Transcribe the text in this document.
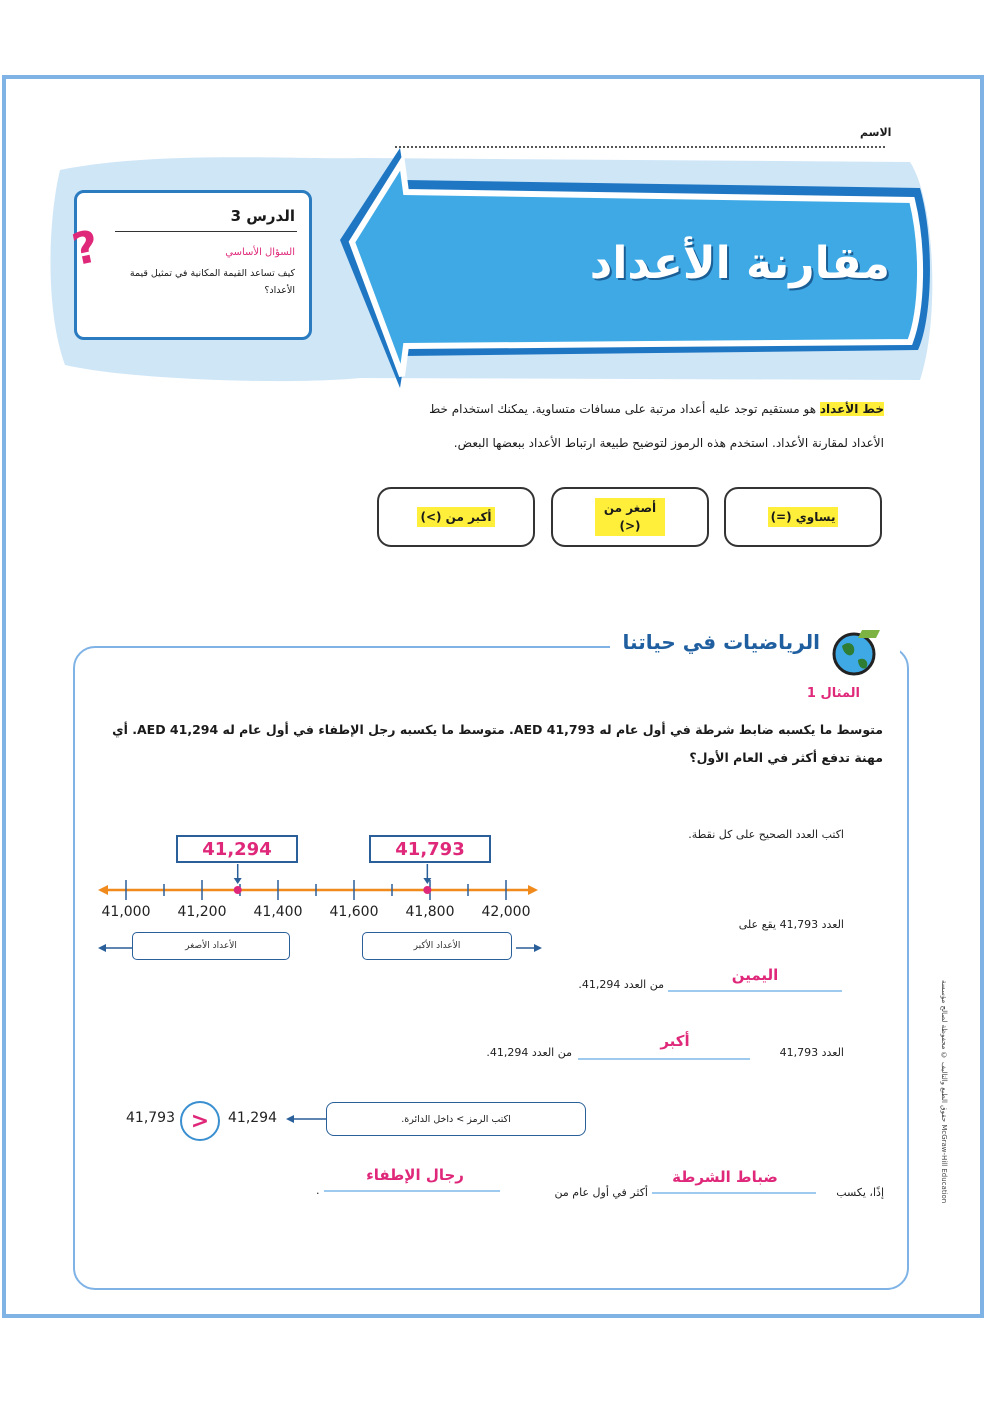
الاسم
مقارنة الأعداد
?
الدرس 3
السؤال الأساسي
كيف تساعد القيمة المكانية في تمثيل قيمة الأعداد؟
خط الأعداد هو مستقيم توجد عليه أعداد مرتبة على مسافات متساوية. يمكنك استخدام خط الأعداد لمقارنة الأعداد. استخدم هذه الرموز لتوضيح طبيعة ارتباط الأعداد ببعضها البعض.
يساوي (=)
أصغر من (<)
أكبر من (>)
الرياضيات في حياتنا
المثال 1
متوسط ما يكسبه ضابط شرطة في أول عام له AED 41,793. متوسط ما يكسبه رجل الإطفاء في أول عام له AED 41,294. أي مهنة تدفع أكثر في العام الأول؟
اكتب العدد الصحيح على كل نقطة.
41,294	41,793
41,000	41,200	41,400	41,600	41,800	42,000
الأعداد الأصغر	الأعداد الأكبر
العدد 41,793 يقع على
اليمين
من العدد 41,294.
العدد 41,793
أكبر
من العدد 41,294.
41,793 >	41,294	اكتب الرمز > داخل الدائرة.
إذًا، يكسب
ضباط الشرطة
أكثر في أول عام من
رجال الإطفاء
.
حقوق الطبع والتأليف © محفوظة لصالح مؤسسة McGraw-Hill Education
